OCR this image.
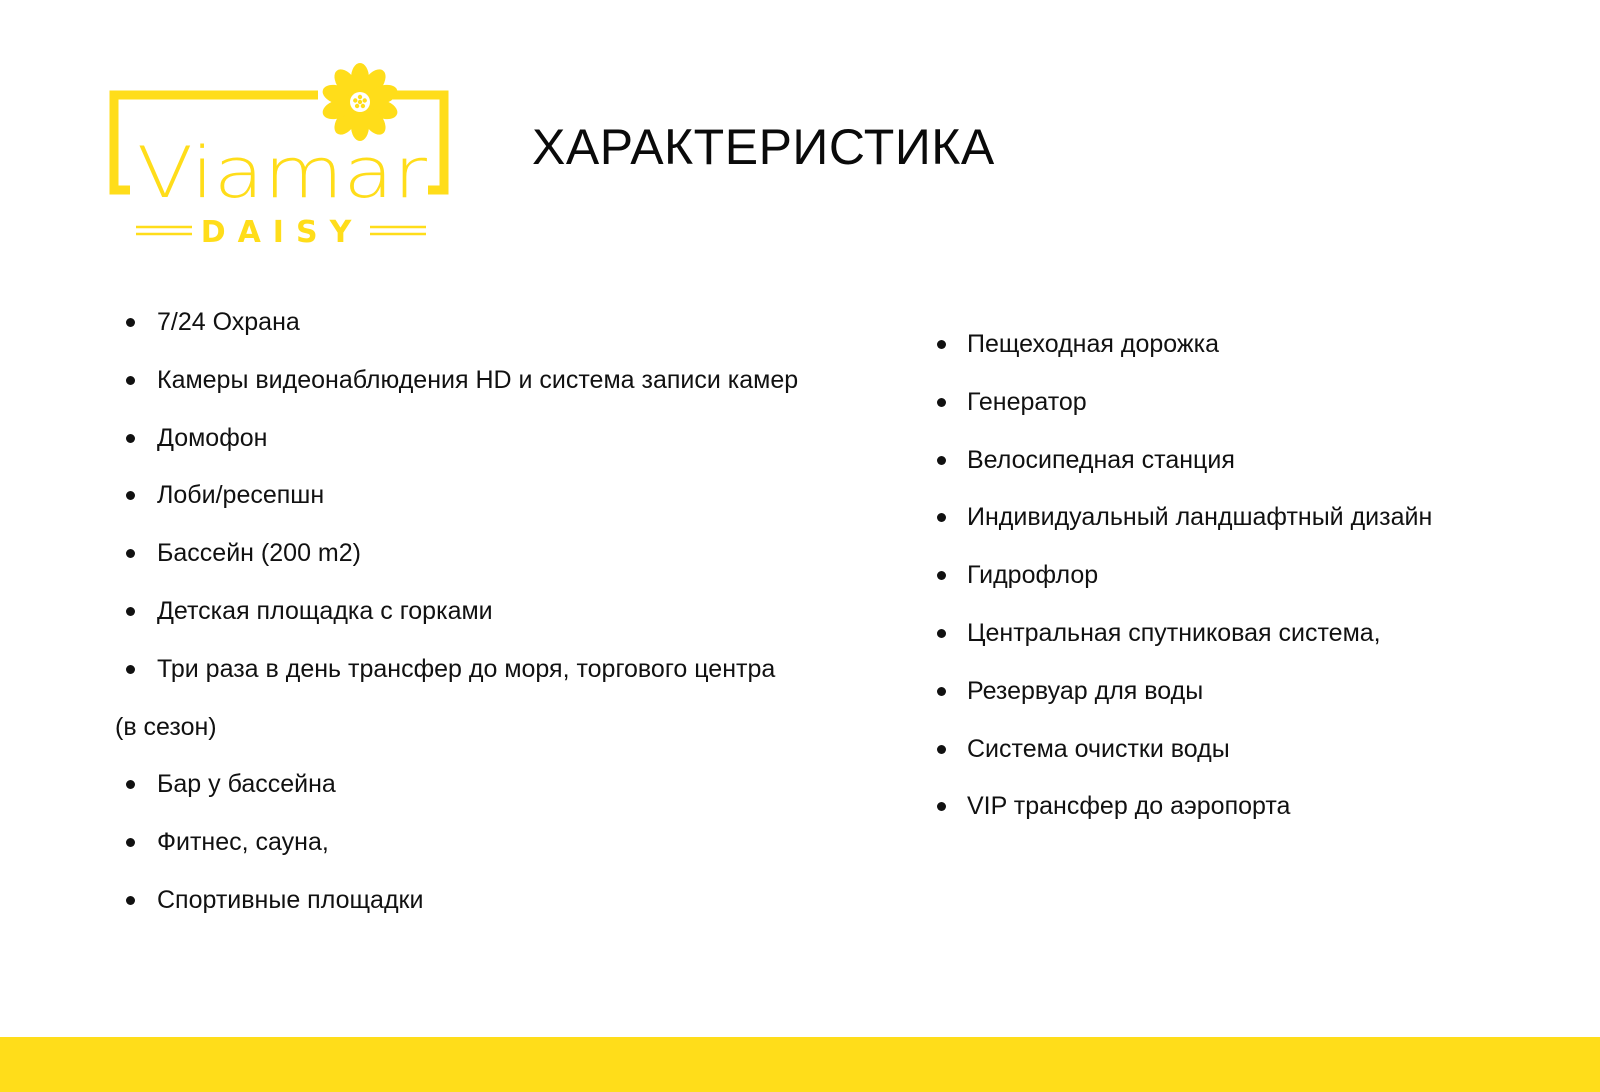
Viamar
DAISY
ХАРАКТЕРИСТИКА
7/24 Охрана
Камеры видеонаблюдения HD и система записи камер
Домофон
Лоби/ресепшн
Бассейн (200 m2)
Детская площадка с горками
Три раза в день трансфер до моря, торгового центра
(в сезон)
Бар у бассейна
Фитнес, сауна,
Спортивные площадки
Пещеходная дорожка
Генератор
Велосипедная станция
Индивидуальный ландшафтный дизайн
Гидрофлор
Центральная спутниковая система,
Резервуар для воды
Система очистки воды
VIP трансфер до аэропорта
